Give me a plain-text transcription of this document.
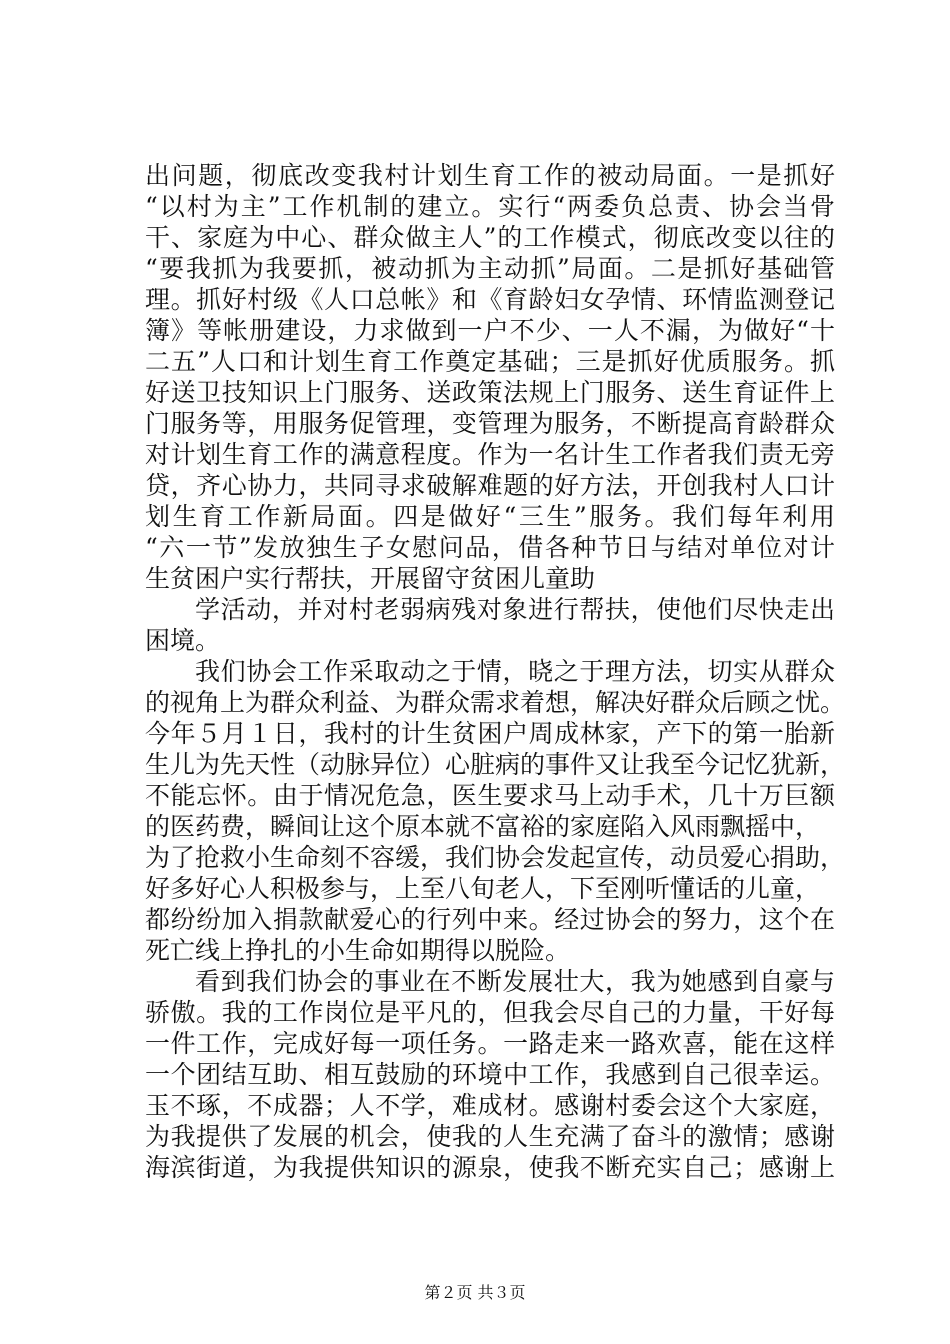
出问题，彻底改变我村计划生育工作的被动局面。一是抓好
“以村为主”工作机制的建立。实行“两委负总责、协会当骨
干、家庭为中心、群众做主人”的工作模式，彻底改变以往的
“要我抓为我要抓，被动抓为主动抓”局面。二是抓好基础管
理。抓好村级《人口总帐》和《育龄妇女孕情、环情监测登记
簿》等帐册建设，力求做到一户不少、一人不漏，为做好“十
二五”人口和计划生育工作奠定基础；三是抓好优质服务。抓
好送卫技知识上门服务、送政策法规上门服务、送生育证件上
门服务等，用服务促管理，变管理为服务，不断提高育龄群众
对计划生育工作的满意程度。作为一名计生工作者我们责无旁
贷，齐心协力，共同寻求破解难题的好方法，开创我村人口计
划生育工作新局面。四是做好“三生”服务。我们每年利用
“六一节”发放独生子女慰问品，借各种节日与结对单位对计
生贫困户实行帮扶，开展留守贫困儿童助
学活动，并对村老弱病残对象进行帮扶，使他们尽快走出
困境。
我们协会工作采取动之于情，晓之于理方法，切实从群众
的视角上为群众利益、为群众需求着想，解决好群众后顾之忧。
今年５月１日，我村的计生贫困户周成林家，产下的第一胎新
生儿为先天性（动脉异位）心脏病的事件又让我至今记忆犹新，
不能忘怀。由于情况危急，医生要求马上动手术，几十万巨额
的医药费，瞬间让这个原本就不富裕的家庭陷入风雨飘摇中，
为了抢救小生命刻不容缓，我们协会发起宣传，动员爱心捐助，
好多好心人积极参与，上至八旬老人，下至刚听懂话的儿童，
都纷纷加入捐款献爱心的行列中来。经过协会的努力，这个在
死亡线上挣扎的小生命如期得以脱险。
看到我们协会的事业在不断发展壮大，我为她感到自豪与
骄傲。我的工作岗位是平凡的，但我会尽自己的力量，干好每
一件工作，完成好每一项任务。一路走来一路欢喜，能在这样
一个团结互助、相互鼓励的环境中工作，我感到自己很幸运。
玉不琢，不成器；人不学，难成材。感谢村委会这个大家庭，
为我提供了发展的机会，使我的人生充满了奋斗的激情；感谢
海滨街道，为我提供知识的源泉，使我不断充实自己；感谢上
第２页 共３页
